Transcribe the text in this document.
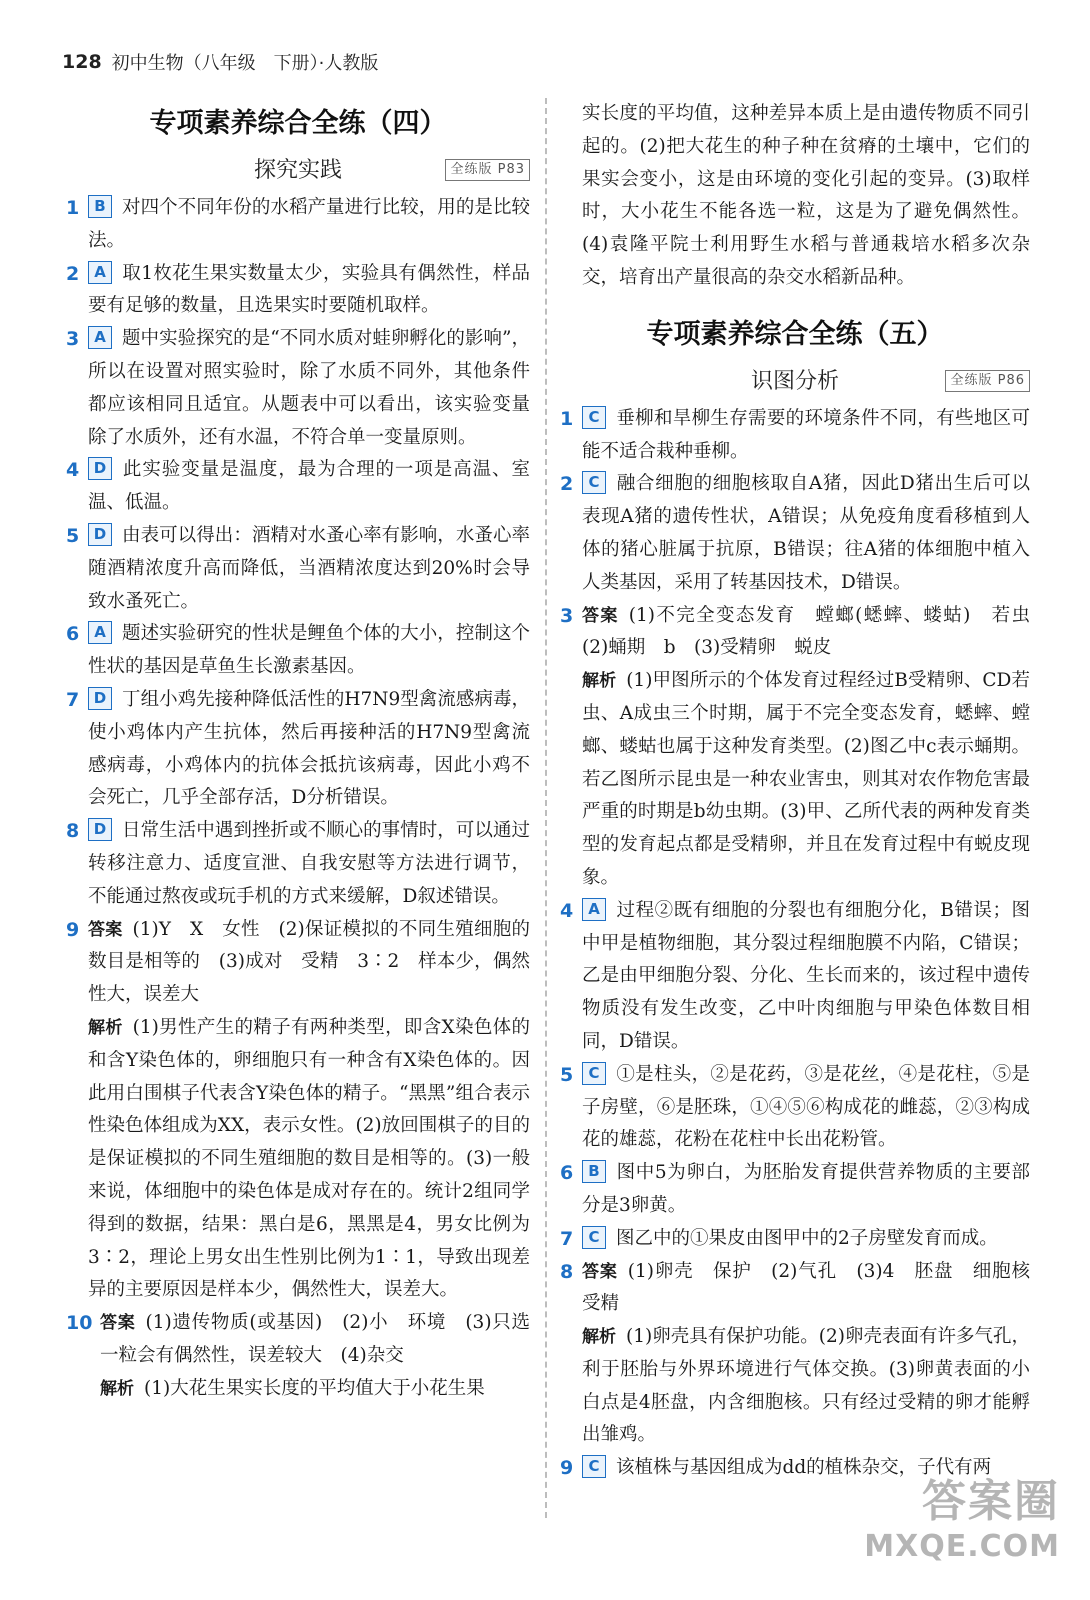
128 初中生物（八年级　下册）·人教版
专项素养综合全练（四）
探究实践	全练版 P83
1	B 对四个不同年份的水稻产量进行比较，用的是比较法。
2 A 取1枚花生果实数量太少，实验具有偶然性，样品要有足够的数量，且选果实时要随机取样。
3 A 题中实验探究的是“不同水质对蛙卵孵化的影响”，所以在设置对照实验时，除了水质不同外，其他条件都应该相同且适宜。从题表中可以看出，该实验变量除了水质外，还有水温，不符合单一变量原则。
4 D 此实验变量是温度，最为合理的一项是高温、室温、低温。
5 D 由表可以得出：酒精对水蚤心率有影响，水蚤心率随酒精浓度升高而降低，当酒精浓度达到20%时会导致水蚤死亡。
6 A 题述实验研究的性状是鲤鱼个体的大小，控制这个性状的基因是草鱼生长激素基因。
7 D 丁组小鸡先接种降低活性的H7N9型禽流感病毒，使小鸡体内产生抗体，然后再接种活的H7N9型禽流感病毒，小鸡体内的抗体会抵抗该病毒，因此小鸡不会死亡，几乎全部存活，D分析错误。
8 D 日常生活中遇到挫折或不顺心的事情时，可以通过转移注意力、适度宣泄、自我安慰等方法进行调节，不能通过熬夜或玩手机的方式来缓解，D叙述错误。
9 答案 (1)Y　X　女性　(2)保证模拟的不同生殖细胞的数目是相等的　(3)成对　受精　3∶2　样本少，偶然性大，误差大
解析 (1)男性产生的精子有两种类型，即含X染色体的和含Y染色体的，卵细胞只有一种含有X染色体的。因此用白围棋子代表含Y染色体的精子。“黑黑”组合表示性染色体组成为XX，表示女性。(2)放回围棋子的目的是保证模拟的不同生殖细胞的数目是相等的。(3)一般来说，体细胞中的染色体是成对存在的。统计2组同学得到的数据，结果：黑白是6，黑黑是4，男女比例为3∶2，理论上男女出生性别比例为1∶1，导致出现差异的主要原因是样本少，偶然性大，误差大。
10 答案 (1)遗传物质(或基因)　(2)小　环境　(3)只选一粒会有偶然性，误差较大　(4)杂交
解析 (1)大花生果实长度的平均值大于小花生果
实长度的平均值，这种差异本质上是由遗传物质不同引起的。(2)把大花生的种子种在贫瘠的土壤中，它们的果实会变小，这是由环境的变化引起的变异。(3)取样时，大小花生不能各选一粒，这是为了避免偶然性。(4)袁隆平院士利用野生水稻与普通栽培水稻多次杂交，培育出产量很高的杂交水稻新品种。
专项素养综合全练（五）
识图分析	全练版 P86
1	C 垂柳和旱柳生存需要的环境条件不同，有些地区可能不适合栽种垂柳。
2	C 融合细胞的细胞核取自A猪，因此D猪出生后可以表现A猪的遗传性状，A错误；从免疫角度看移植到人体的猪心脏属于抗原，B错误；往A猪的体细胞中植入人类基因，采用了转基因技术，D错误。
3 答案 (1)不完全变态发育　螳螂(蟋蟀、蝼蛄)　若虫　(2)蛹期　b　(3)受精卵　蜕皮
解析 (1)甲图所示的个体发育过程经过B受精卵、CD若虫、A成虫三个时期，属于不完全变态发育，蟋蟀、螳螂、蝼蛄也属于这种发育类型。(2)图乙中c表示蛹期。若乙图所示昆虫是一种农业害虫，则其对农作物危害最严重的时期是b幼虫期。(3)甲、乙所代表的两种发育类型的发育起点都是受精卵，并且在发育过程中有蜕皮现象。
4 A 过程②既有细胞的分裂也有细胞分化，B错误；图中甲是植物细胞，其分裂过程细胞膜不内陷，C错误；乙是由甲细胞分裂、分化、生长而来的，该过程中遗传物质没有发生改变，乙中叶肉细胞与甲染色体数目相同，D错误。
5	C ①是柱头，②是花药，③是花丝，④是花柱，⑤是子房壁，⑥是胚珠，①④⑤⑥构成花的雌蕊，②③构成花的雄蕊，花粉在花柱中长出花粉管。
6	B 图中5为卵白，为胚胎发育提供营养物质的主要部分是3卵黄。
7	C 图乙中的①果皮由图甲中的2子房壁发育而成。
8 答案 (1)卵壳　保护　(2)气孔　(3)4　胚盘　细胞核　受精
解析 (1)卵壳具有保护功能。(2)卵壳表面有许多气孔，利于胚胎与外界环境进行气体交换。(3)卵黄表面的小白点是4胚盘，内含细胞核。只有经过受精的卵才能孵出雏鸡。
9	C 该植株与基因组成为dd的植株杂交，子代有两
答案圈
MXQE.COM
